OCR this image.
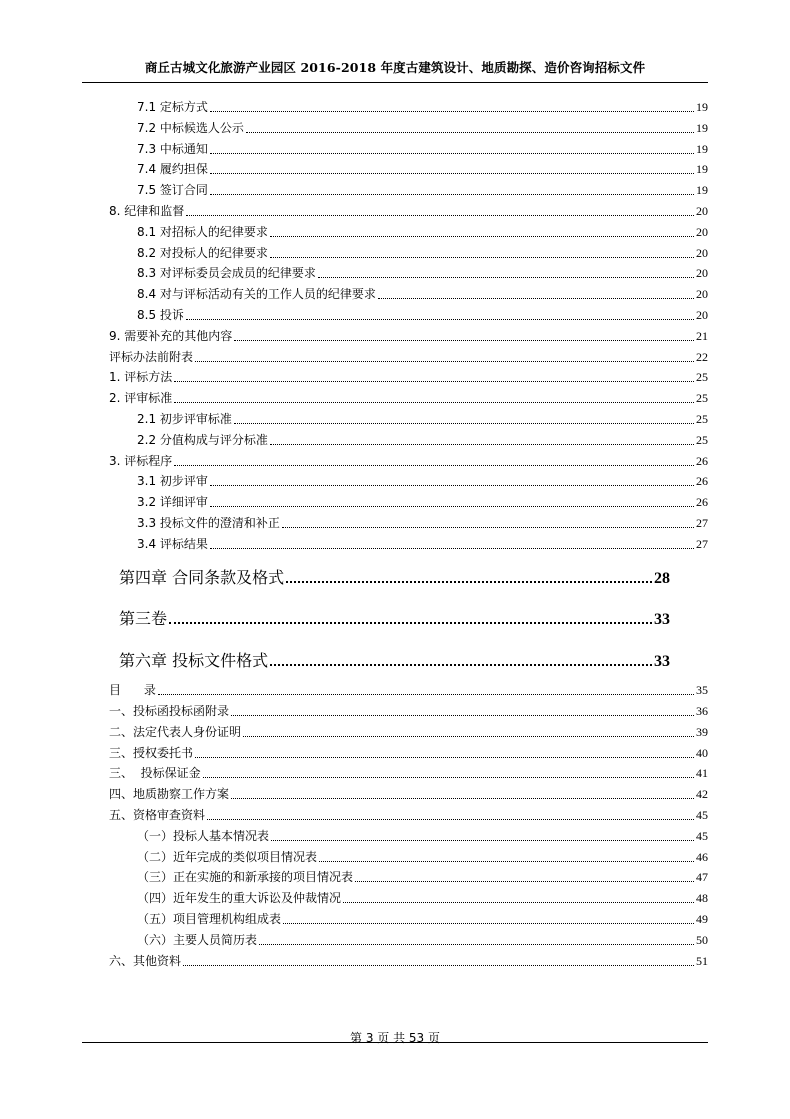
商丘古城文化旅游产业园区 2016-2018 年度古建筑设计、地质勘探、造价咨询招标文件
7.1 定标方式	19
7.2 中标候选人公示	19
7.3 中标通知	19
7.4 履约担保	19
7.5 签订合同	19
8. 纪律和监督	20
8.1 对招标人的纪律要求	20
8.2 对投标人的纪律要求	20
8.3 对评标委员会成员的纪律要求	20
8.4 对与评标活动有关的工作人员的纪律要求	20
8.5 投诉	20
9. 需要补充的其他内容	21
评标办法前附表	22
1. 评标方法	25
2. 评审标准	25
2.1 初步评审标准	25
2.2 分值构成与评分标准	25
3. 评标程序	26
3.1 初步评审	26
3.2 详细评审	26
3.3 投标文件的澄清和补正	27
3.4 评标结果	27
第四章 合同条款及格式	28
第三卷	33
第六章 投标文件格式	33
目      录	35
一、投标函投标函附录	36
二、法定代表人身份证明	39
三、授权委托书	40
三、  投标保证金	41
四、地质勘察工作方案	42
五、资格审查资料	45
（一）投标人基本情况表	45
（二）近年完成的类似项目情况表	46
（三）正在实施的和新承接的项目情况表	47
（四）近年发生的重大诉讼及仲裁情况	48
（五）项目管理机构组成表	49
（六）主要人员简历表	50
六、其他资料	51
第 3 页 共 53 页
